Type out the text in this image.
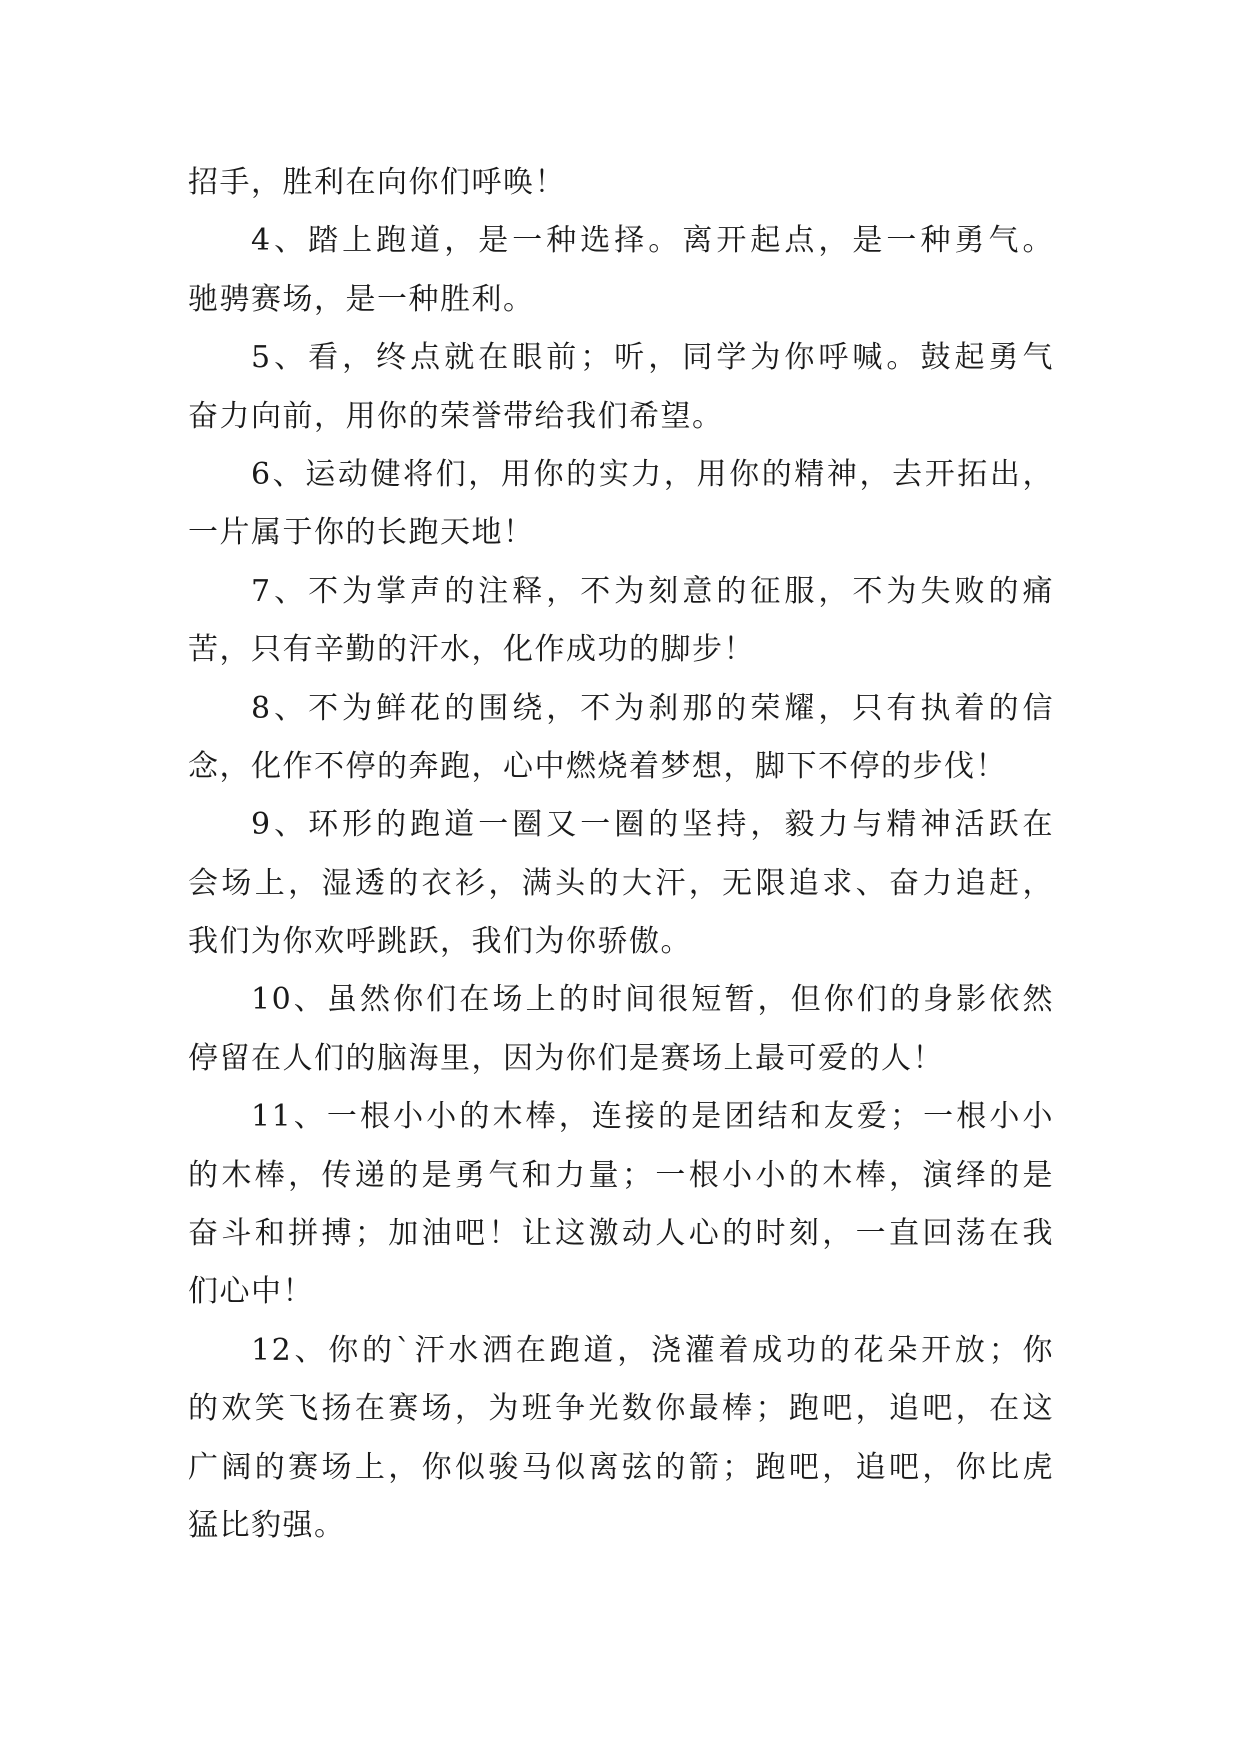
招手，胜利在向你们呼唤！
4、踏上跑道，是一种选择。离开起点，是一种勇气。
驰骋赛场，是一种胜利。
5、看，终点就在眼前；听，同学为你呼喊。鼓起勇气
奋力向前，用你的荣誉带给我们希望。
6、运动健将们，用你的实力，用你的精神，去开拓出，
一片属于你的长跑天地！
7、不为掌声的注释，不为刻意的征服，不为失败的痛
苦，只有辛勤的汗水，化作成功的脚步！
8、不为鲜花的围绕，不为刹那的荣耀，只有执着的信
念，化作不停的奔跑，心中燃烧着梦想，脚下不停的步伐！
9、环形的跑道一圈又一圈的坚持，毅力与精神活跃在
会场上，湿透的衣衫，满头的大汗，无限追求、奋力追赶，
我们为你欢呼跳跃，我们为你骄傲。
10、虽然你们在场上的时间很短暂，但你们的身影依然
停留在人们的脑海里，因为你们是赛场上最可爱的人！
11、一根小小的木棒，连接的是团结和友爱；一根小小
的木棒，传递的是勇气和力量；一根小小的木棒，演绎的是
奋斗和拼搏；加油吧！让这激动人心的时刻，一直回荡在我
们心中！
12、你的`汗水洒在跑道，浇灌着成功的花朵开放；你
的欢笑飞扬在赛场，为班争光数你最棒；跑吧，追吧，在这
广阔的赛场上，你似骏马似离弦的箭；跑吧，追吧，你比虎
猛比豹强。
